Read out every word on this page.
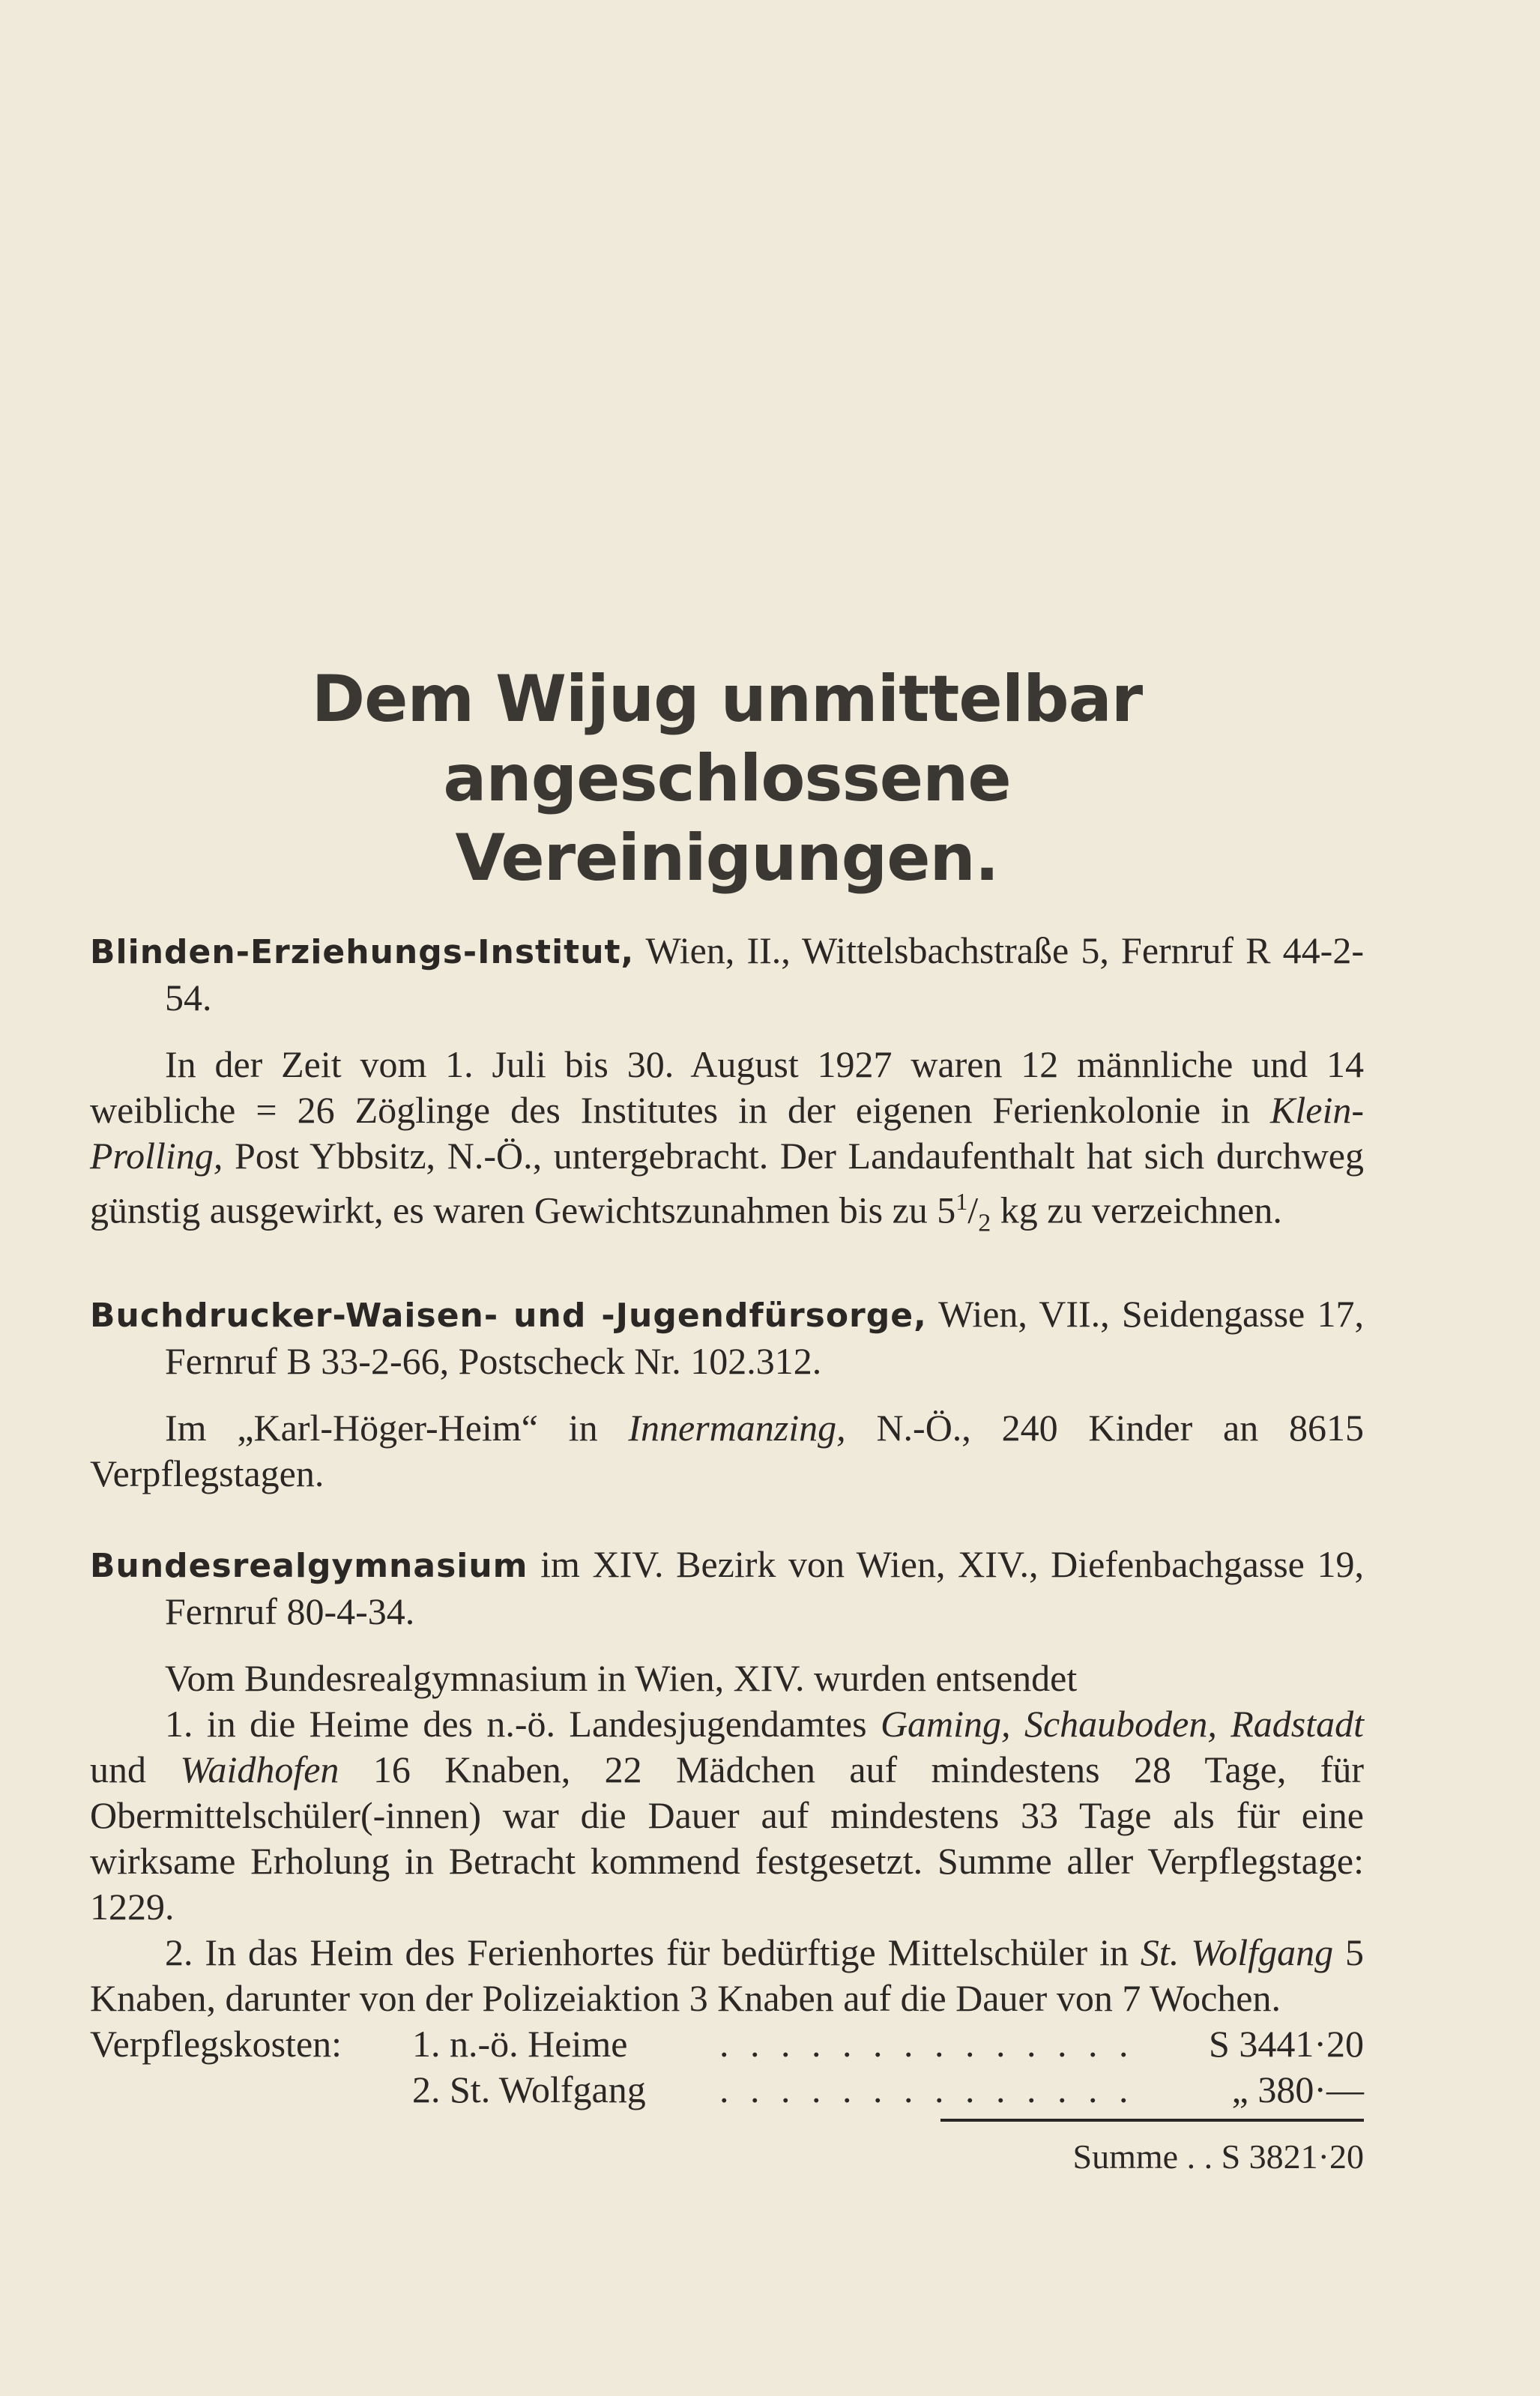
Dem Wijug unmittelbar angeschlossene
Vereinigungen.

Blinden-Erziehungs-Institut, Wien, II., Wittelsbachstraße 5, Fernruf R 44-2-54.

In der Zeit vom 1. Juli bis 30. August 1927 waren 12 männliche und 14 weibliche = 26 Zöglinge des Institutes in der eigenen Ferienkolonie in Klein-Prolling, Post Ybbsitz, N.-Ö., untergebracht. Der Landaufenthalt hat sich durchweg günstig ausgewirkt, es waren Gewichtszunahmen bis zu $5^1/_2$ kg zu verzeichnen.

Buchdrucker-Waisen- und -Jugendfürsorge, Wien, VII., Seidengasse 17, Fernruf B 33-2-66, Postscheck Nr. 102.312.

Im „Karl-Höger-Heim“ in Innermanzing, N.-Ö., 240 Kinder an 8615 Verpflegstagen.

Bundesrealgymnasium im XIV. Bezirk von Wien, XIV., Diefenbachgasse 19, Fernruf 80-4-34.

Vom Bundesrealgymnasium in Wien, XIV. wurden entsendet

1. in die Heime des n.-ö. Landesjugendamtes Gaming, Schauboden, Radstadt und Waidhofen 16 Knaben, 22 Mädchen auf mindestens 28 Tage, für Obermittelschüler(-innen) war die Dauer auf mindestens 33 Tage als für eine wirksame Erholung in Betracht kommend festgesetzt. Summe aller Verpflegstage: 1229.

2. In das Heim des Ferienhortes für bedürftige Mittelschüler in St. Wolfgang 5 Knaben, darunter von der Polizeiaktion 3 Knaben auf die Dauer von 7 Wochen.

Verpflegskosten: 1. n.-ö. Heime . . . . . . . . . . . . . .	S 3441·20
2. St. Wolfgang . . . . . . . . . . . . . .	„ 380·—
Summe . . S 3821·20
